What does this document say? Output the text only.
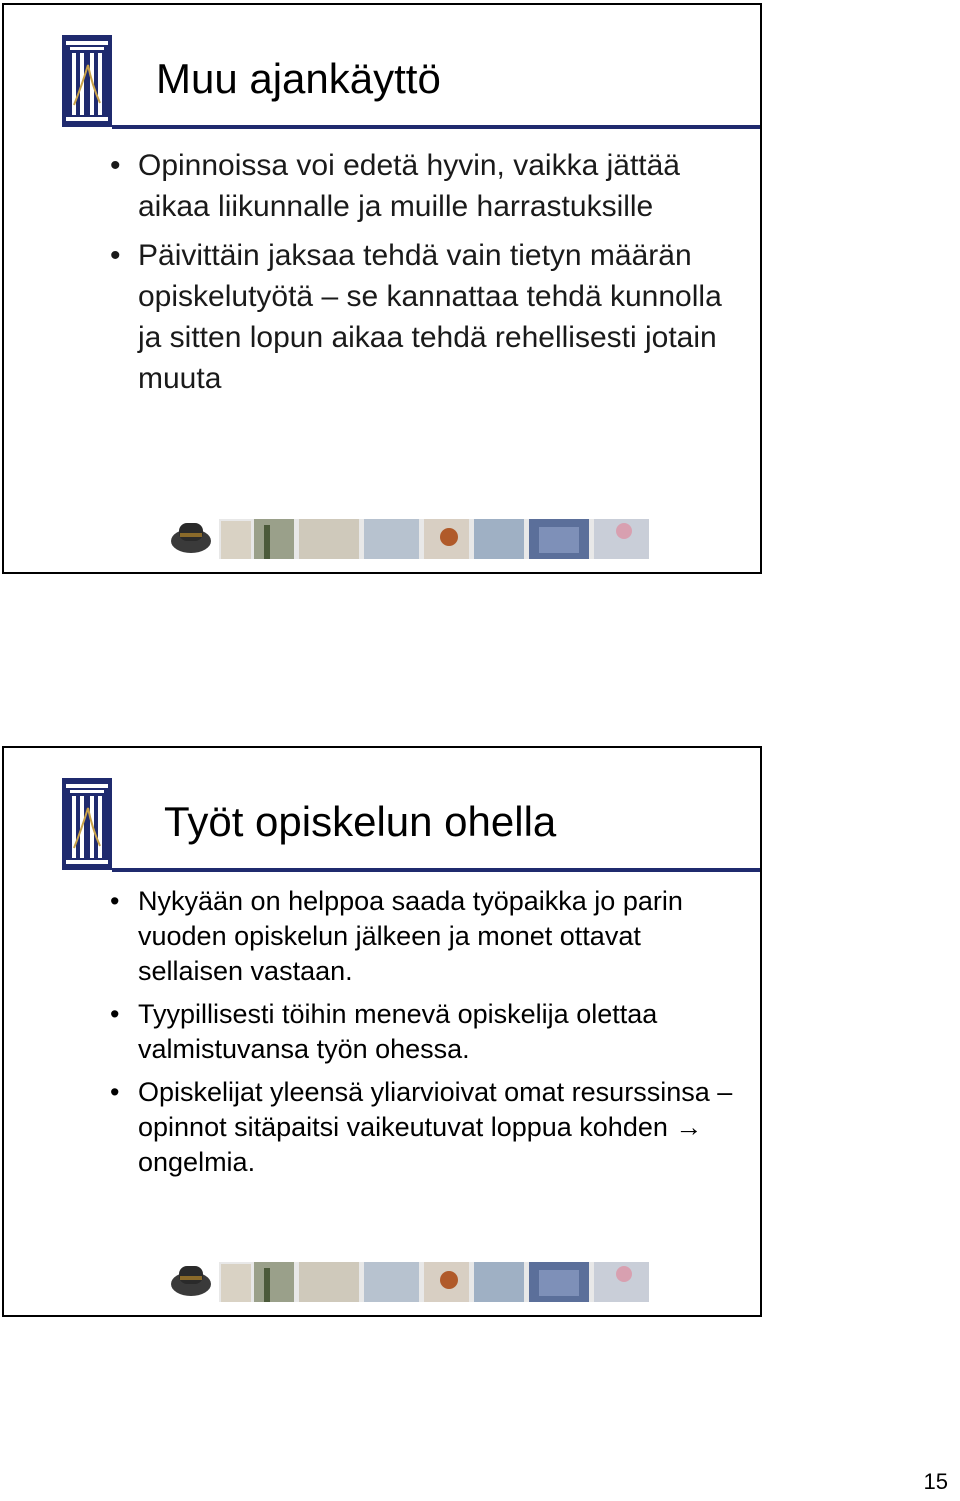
Muu ajankäyttö
• Opinnoissa voi edetä hyvin, vaikka jättää aikaa liikunnalle ja muille harrastuksille
• Päivittäin jaksaa tehdä vain tietyn määrän opiskelutyötä – se kannattaa tehdä kunnolla ja sitten lopun aikaa tehdä rehellisesti jotain muuta
Työt opiskelun ohella
• Nykyään on helppoa saada työpaikka jo parin vuoden opiskelun jälkeen ja monet ottavat sellaisen vastaan.
• Tyypillisesti töihin menevä opiskelija olettaa valmistuvansa työn ohessa.
• Opiskelijat yleensä yliarvioivat omat resurssinsa – opinnot sitäpaitsi vaikeutuvat loppua kohden → ongelmia.
15
